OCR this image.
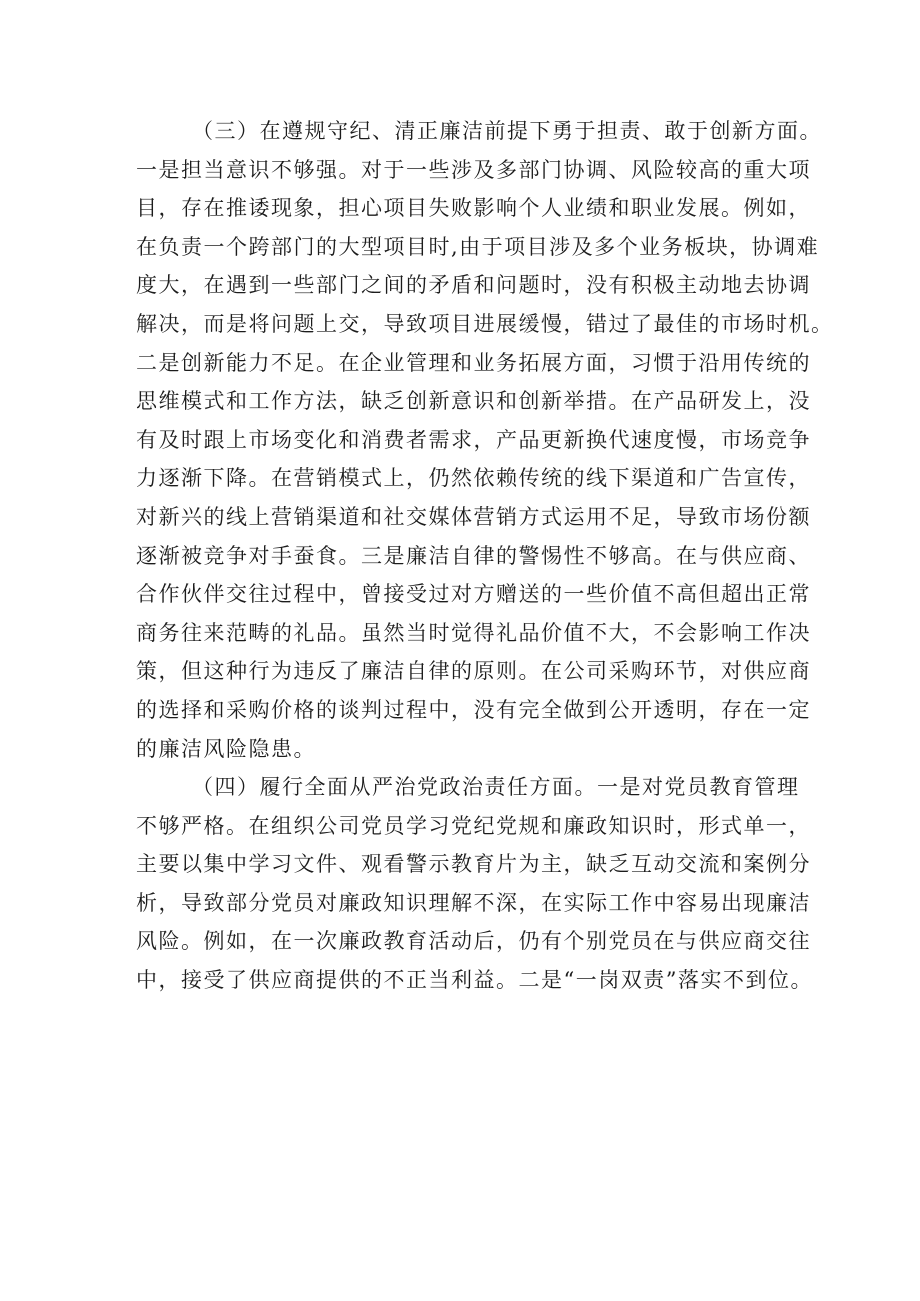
（三）在遵规守纪、清正廉洁前提下勇于担责、敢于创新方面。
一是担当意识不够强。对于一些涉及多部门协调、风险较高的重大项
目，存在推诿现象，担心项目失败影响个人业绩和职业发展。例如，
在负责一个跨部门的大型项目时,由于项目涉及多个业务板块，协调难
度大，在遇到一些部门之间的矛盾和问题时，没有积极主动地去协调
解决，而是将问题上交，导致项目进展缓慢，错过了最佳的市场时机。
二是创新能力不足。在企业管理和业务拓展方面，习惯于沿用传统的
思维模式和工作方法，缺乏创新意识和创新举措。在产品研发上，没
有及时跟上市场变化和消费者需求，产品更新换代速度慢，市场竞争
力逐渐下降。在营销模式上，仍然依赖传统的线下渠道和广告宣传，
对新兴的线上营销渠道和社交媒体营销方式运用不足，导致市场份额
逐渐被竞争对手蚕食。三是廉洁自律的警惕性不够高。在与供应商、
合作伙伴交往过程中，曾接受过对方赠送的一些价值不高但超出正常
商务往来范畴的礼品。虽然当时觉得礼品价值不大，不会影响工作决
策，但这种行为违反了廉洁自律的原则。在公司采购环节，对供应商
的选择和采购价格的谈判过程中，没有完全做到公开透明，存在一定
的廉洁风险隐患。
（四）履行全面从严治党政治责任方面。一是对党员教育管理
不够严格。在组织公司党员学习党纪党规和廉政知识时，形式单一，
主要以集中学习文件、观看警示教育片为主，缺乏互动交流和案例分
析，导致部分党员对廉政知识理解不深，在实际工作中容易出现廉洁
风险。例如，在一次廉政教育活动后，仍有个别党员在与供应商交往
中，接受了供应商提供的不正当利益。二是“一岗双责”落实不到位。
